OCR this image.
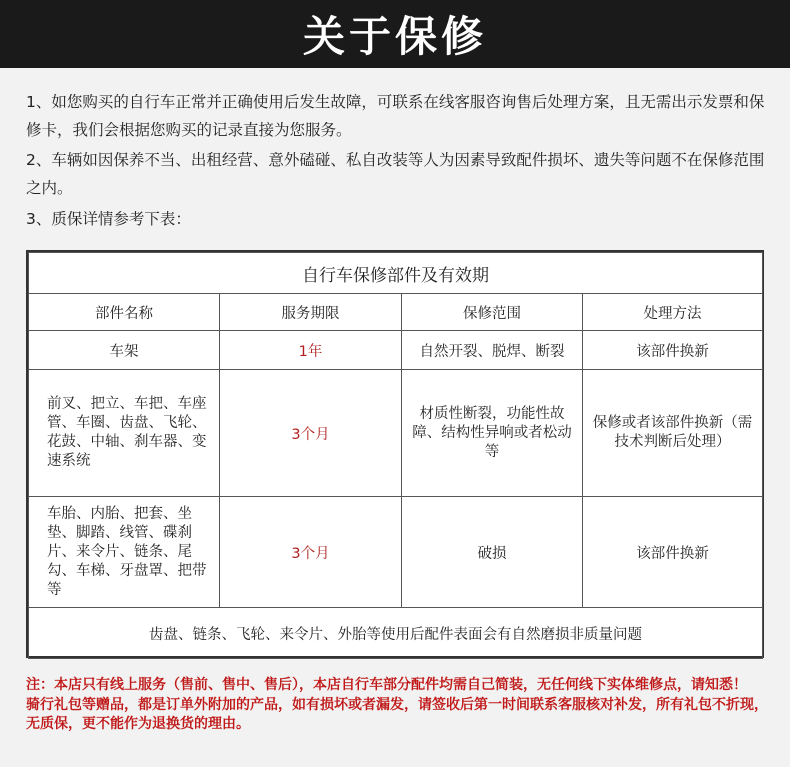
关于保修
1、如您购买的自行车正常并正确使用后发生故障，可联系在线客服咨询售后处理方案，且无需出示发票和保修卡，我们会根据您购买的记录直接为您服务。
2、车辆如因保养不当、出租经营、意外磕碰、私自改装等人为因素导致配件损坏、遗失等问题不在保修范围之内。
3、质保详情参考下表：
自行车保修部件及有效期			
部件名称	服务期限	保修范围	处理方法
车架	1年	自然开裂、脱焊、断裂	该部件换新
前叉、把立、车把、车座管、车圈、齿盘、飞轮、花鼓、中轴、刹车器、变速系统	3个月	材质性断裂，功能性故障、结构性异响或者松动等	保修或者该部件换新（需技术判断后处理）
车胎、内胎、把套、坐垫、脚踏、线管、碟刹片、来令片、链条、尾勾、车梯、牙盘罩、把带等	3个月	破损	该部件换新
齿盘、链条、飞轮、来令片、外胎等使用后配件表面会有自然磨损非质量问题			
注：本店只有线上服务（售前、售中、售后），本店自行车部分配件均需自己简装，无任何线下实体维修点，请知悉！
骑行礼包等赠品，都是订单外附加的产品，如有损坏或者漏发，请签收后第一时间联系客服核对补发，所有礼包不折现，无质保，更不能作为退换货的理由。
